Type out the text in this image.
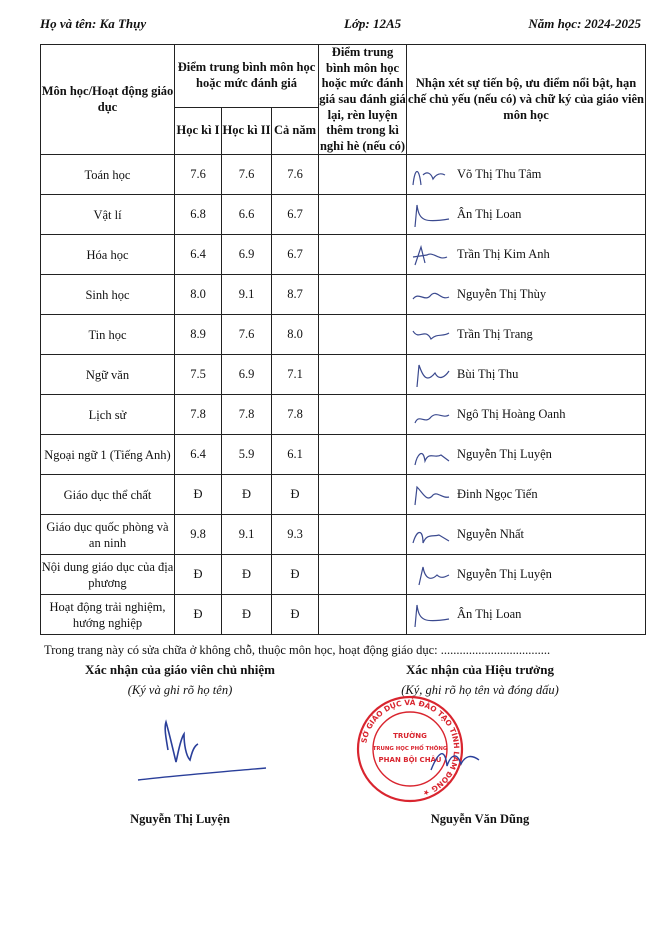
Họ và tên: Ka Thụy	Lớp: 12A5	Năm học: 2024-2025
Môn học/Hoạt động giáo dục	Điểm trung bình môn học hoặc mức đánh giá			Điểm trung bình môn học hoặc mức đánh giá sau đánh giá lại, rèn luyện thêm trong kì nghỉ hè (nếu có)	Nhận xét sự tiến bộ, ưu điểm nổi bật, hạn chế chủ yếu (nếu có) và chữ ký của giáo viên môn học
	Học kì I	Học kì II	Cả năm		
Toán học	7.6	7.6	7.6		Võ Thị Thu Tâm

Vật lí	6.8	6.6	6.7		Ân Thị Loan

Hóa học	6.4	6.9	6.7		Trần Thị Kim Anh

Sinh học	8.0	9.1	8.7		Nguyễn Thị Thùy

Tin học	8.9	7.6	8.0		Trần Thị Trang

Ngữ văn	7.5	6.9	7.1		Bùi Thị Thu

Lịch sử	7.8	7.8	7.8		Ngô Thị Hoàng Oanh

Ngoại ngữ 1 (Tiếng Anh)	6.4	5.9	6.1		Nguyễn Thị Luyện

Giáo dục thể chất	Đ	Đ	Đ		Đinh Ngọc Tiến

Giáo dục quốc phòng và an ninh	9.8	9.1	9.3		Nguyễn Nhất

Nội dung giáo dục của địa phương	Đ	Đ	Đ		Nguyễn Thị Luyện

Hoạt động trải nghiệm, hướng nghiệp	Đ	Đ	Đ		Ân Thị Loan
Trong trang này có sửa chữa ở không chỗ, thuộc môn học, hoạt động giáo dục: ...................................
Xác nhận của giáo viên chủ nhiệm
(Ký và ghi rõ họ tên)
Nguyễn Thị Luyện
Xác nhận của Hiệu trưởng
(Ký, ghi rõ họ tên và đóng dấu)
SỞ GIÁO DỤC VÀ ĐÀO TẠO TỈNH LÂM ĐỒNG ★
TRƯỜNG
TRUNG HỌC PHỔ THÔNG
PHAN BỘI CHÂU
Nguyễn Văn Dũng
